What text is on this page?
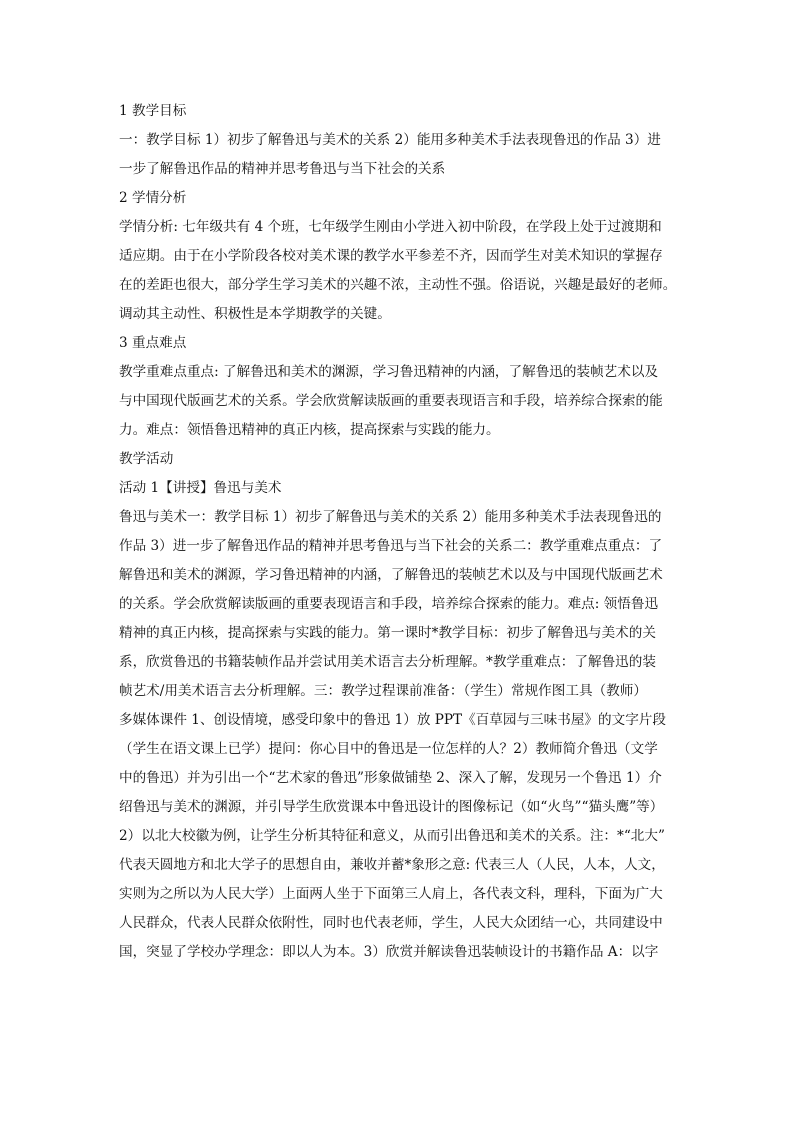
1 教学目标
一：教学目标 1）初步了解鲁迅与美术的关系 2）能用多种美术手法表现鲁迅的作品 3）进
一步了解鲁迅作品的精神并思考鲁迅与当下社会的关系
2 学情分析
学情分析: 七年级共有 4 个班，七年级学生刚由小学进入初中阶段，在学段上处于过渡期和
适应期。由于在小学阶段各校对美术课的教学水平参差不齐，因而学生对美术知识的掌握存
在的差距也很大，部分学生学习美术的兴趣不浓，主动性不强。俗语说，兴趣是最好的老师。
调动其主动性、积极性是本学期教学的关键。
3 重点难点
教学重难点重点: 了解鲁迅和美术的渊源，学习鲁迅精神的内涵，了解鲁迅的装帧艺术以及
与中国现代版画艺术的关系。学会欣赏解读版画的重要表现语言和手段，培养综合探索的能
力。难点：领悟鲁迅精神的真正内核，提高探索与实践的能力。
教学活动
活动 1【讲授】鲁迅与美术
鲁迅与美术一：教学目标 1）初步了解鲁迅与美术的关系 2）能用多种美术手法表现鲁迅的
作品 3）进一步了解鲁迅作品的精神并思考鲁迅与当下社会的关系二：教学重难点重点：了
解鲁迅和美术的渊源，学习鲁迅精神的内涵，了解鲁迅的装帧艺术以及与中国现代版画艺术
的关系。学会欣赏解读版画的重要表现语言和手段，培养综合探索的能力。难点: 领悟鲁迅
精神的真正内核，提高探索与实践的能力。第一课时*教学目标：初步了解鲁迅与美术的关
系，欣赏鲁迅的书籍装帧作品并尝试用美术语言去分析理解。*教学重难点：了解鲁迅的装
帧艺术/用美术语言去分析理解。三：教学过程课前准备：（学生）常规作图工具（教师）
多媒体课件 1、创设情境，感受印象中的鲁迅 1）放 PPT《百草园与三味书屋》的文字片段
（学生在语文课上已学）提问：你心目中的鲁迅是一位怎样的人？2）教师简介鲁迅（文学
中的鲁迅）并为引出一个“艺术家的鲁迅”形象做铺垫 2、深入了解，发现另一个鲁迅 1）介
绍鲁迅与美术的渊源，并引导学生欣赏课本中鲁迅设计的图像标记（如“火鸟”“猫头鹰”等）
2）以北大校徽为例，让学生分析其特征和意义，从而引出鲁迅和美术的关系。注：*“北大”
代表天圆地方和北大学子的思想自由，兼收并蓄*象形之意: 代表三人（人民，人本，人文，
实则为之所以为人民大学）上面两人坐于下面第三人肩上，各代表文科，理科，下面为广大
人民群众，代表人民群众依附性，同时也代表老师，学生，人民大众团结一心，共同建设中
国，突显了学校办学理念：即以人为本。3）欣赏并解读鲁迅装帧设计的书籍作品 A：以字
